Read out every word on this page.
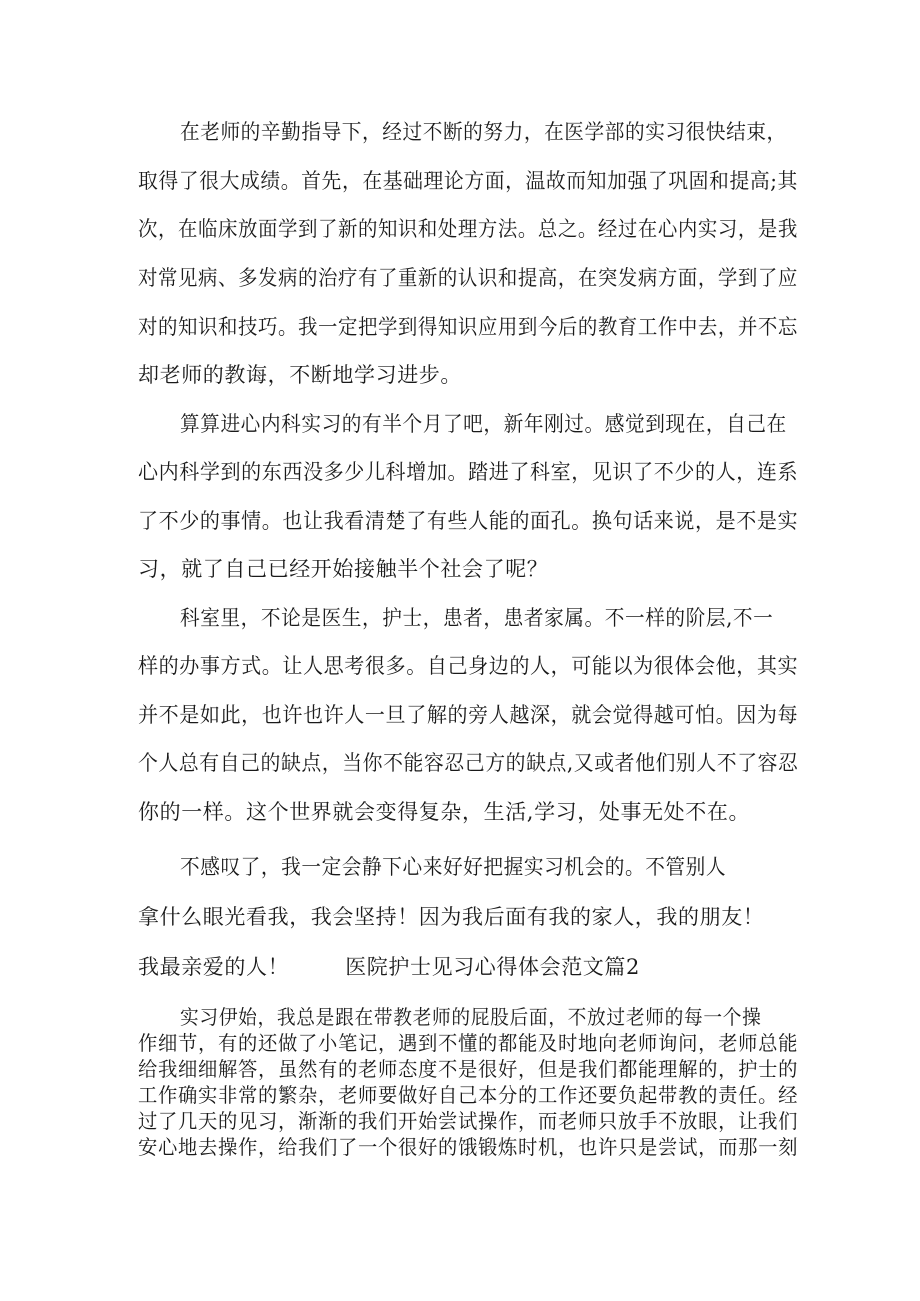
在老师的辛勤指导下，经过不断的努力，在医学部的实习很快结束，
取得了很大成绩。首先，在基础理论方面，温故而知加强了巩固和提高;其
次，在临床放面学到了新的知识和处理方法。总之。经过在心内实习，是我
对常见病、多发病的治疗有了重新的认识和提高，在突发病方面，学到了应
对的知识和技巧。我一定把学到得知识应用到今后的教育工作中去，并不忘
却老师的教诲，不断地学习进步。
算算进心内科实习的有半个月了吧，新年刚过。感觉到现在，自己在
心内科学到的东西没多少儿科增加。踏进了科室，见识了不少的人，连系
了不少的事情。也让我看清楚了有些人能的面孔。换句话来说，是不是实
习，就了自己已经开始接触半个社会了呢？
科室里，不论是医生，护士，患者，患者家属。不一样的阶层,不一
样的办事方式。让人思考很多。自己身边的人，可能以为很体会他，其实
并不是如此，也许也许人一旦了解的旁人越深，就会觉得越可怕。因为每
个人总有自己的缺点，当你不能容忍己方的缺点,又或者他们别人不了容忍
你的一样。这个世界就会变得复杂，生活,学习，处事无处不在。
不感叹了，我一定会静下心来好好把握实习机会的。不管别人
拿什么眼光看我，我会坚持！因为我后面有我的家人，我的朋友！
我最亲爱的人！	医院护士见习心得体会范文篇2
实习伊始，我总是跟在带教老师的屁股后面，不放过老师的每一个操
作细节，有的还做了小笔记，遇到不懂的都能及时地向老师询问，老师总能
给我细细解答，虽然有的老师态度不是很好，但是我们都能理解的，护士的
工作确实非常的繁杂，老师要做好自己本分的工作还要负起带教的责任。经
过了几天的见习，渐渐的我们开始尝试操作，而老师只放手不放眼，让我们
安心地去操作，给我们了一个很好的饿锻炼时机，也许只是尝试，而那一刻
